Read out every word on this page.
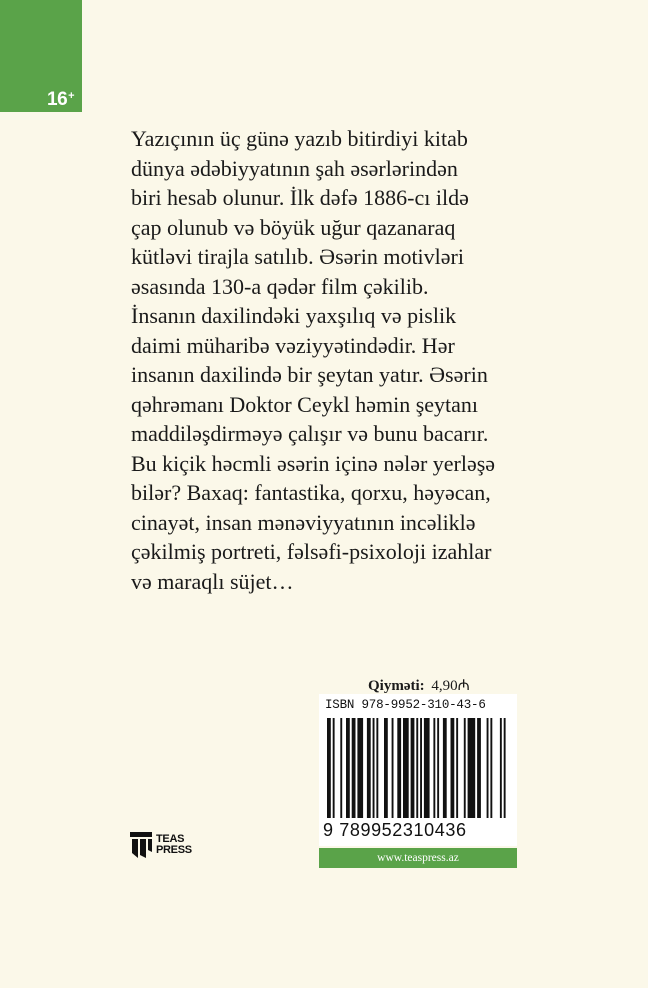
16+

Yazıçının üç günə yazıb bitirdiyi kitab
dünya ədəbiyyatının şah əsərlərindən
biri hesab olunur. İlk dəfə 1886-cı ildə
çap olunub və böyük uğur qazanaraq
kütləvi tirajla satılıb. Əsərin motivləri
əsasında 130-a qədər film çəkilib.
İnsanın daxilindəki yaxşılıq və pislik
daimi müharibə vəziyyətindədir. Hər
insanın daxilində bir şeytan yatır. Əsərin
qəhrəmanı Doktor Ceykl həmin şeytanı
maddiləşdirməyə çalışır və bunu bacarır.
Bu kiçik həcmli əsərin içinə nələr yerləşə
bilər? Baxaq: fantastika, qorxu, həyəcan,
cinayət, insan mənəviyyatının incəliklə
çəkilmiş portreti, fəlsəfi-psixoloji izahlar
və maraqlı süjet…

Qiyməti: 4,90₼
ISBN 978-9952-310-43-6
9 789952310436
www.teaspress.az
TEAS
PRESS
